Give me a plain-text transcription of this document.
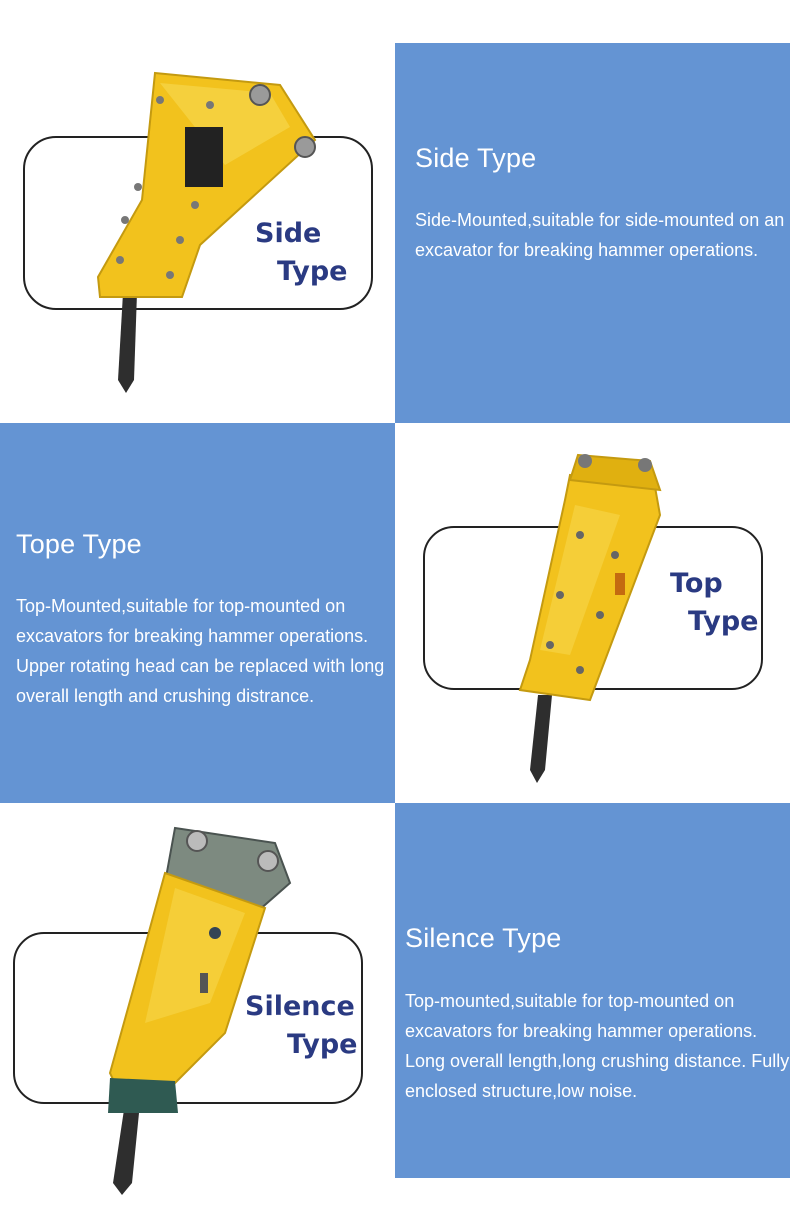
Side
Type
Side Type

Side-Mounted,suitable for side-mounted on an excavator for breaking hammer operations.

Tope Type

Top-Mounted,suitable for top-mounted on excavators for breaking hammer operations. Upper rotating head can be replaced with long overall length and crushing distrance.

Top
Type
Silence
Type
Silence Type

Top-mounted,suitable for top-mounted on excavators for breaking hammer operations. Long overall length,long crushing distance. Fully enclosed structure,low noise.
